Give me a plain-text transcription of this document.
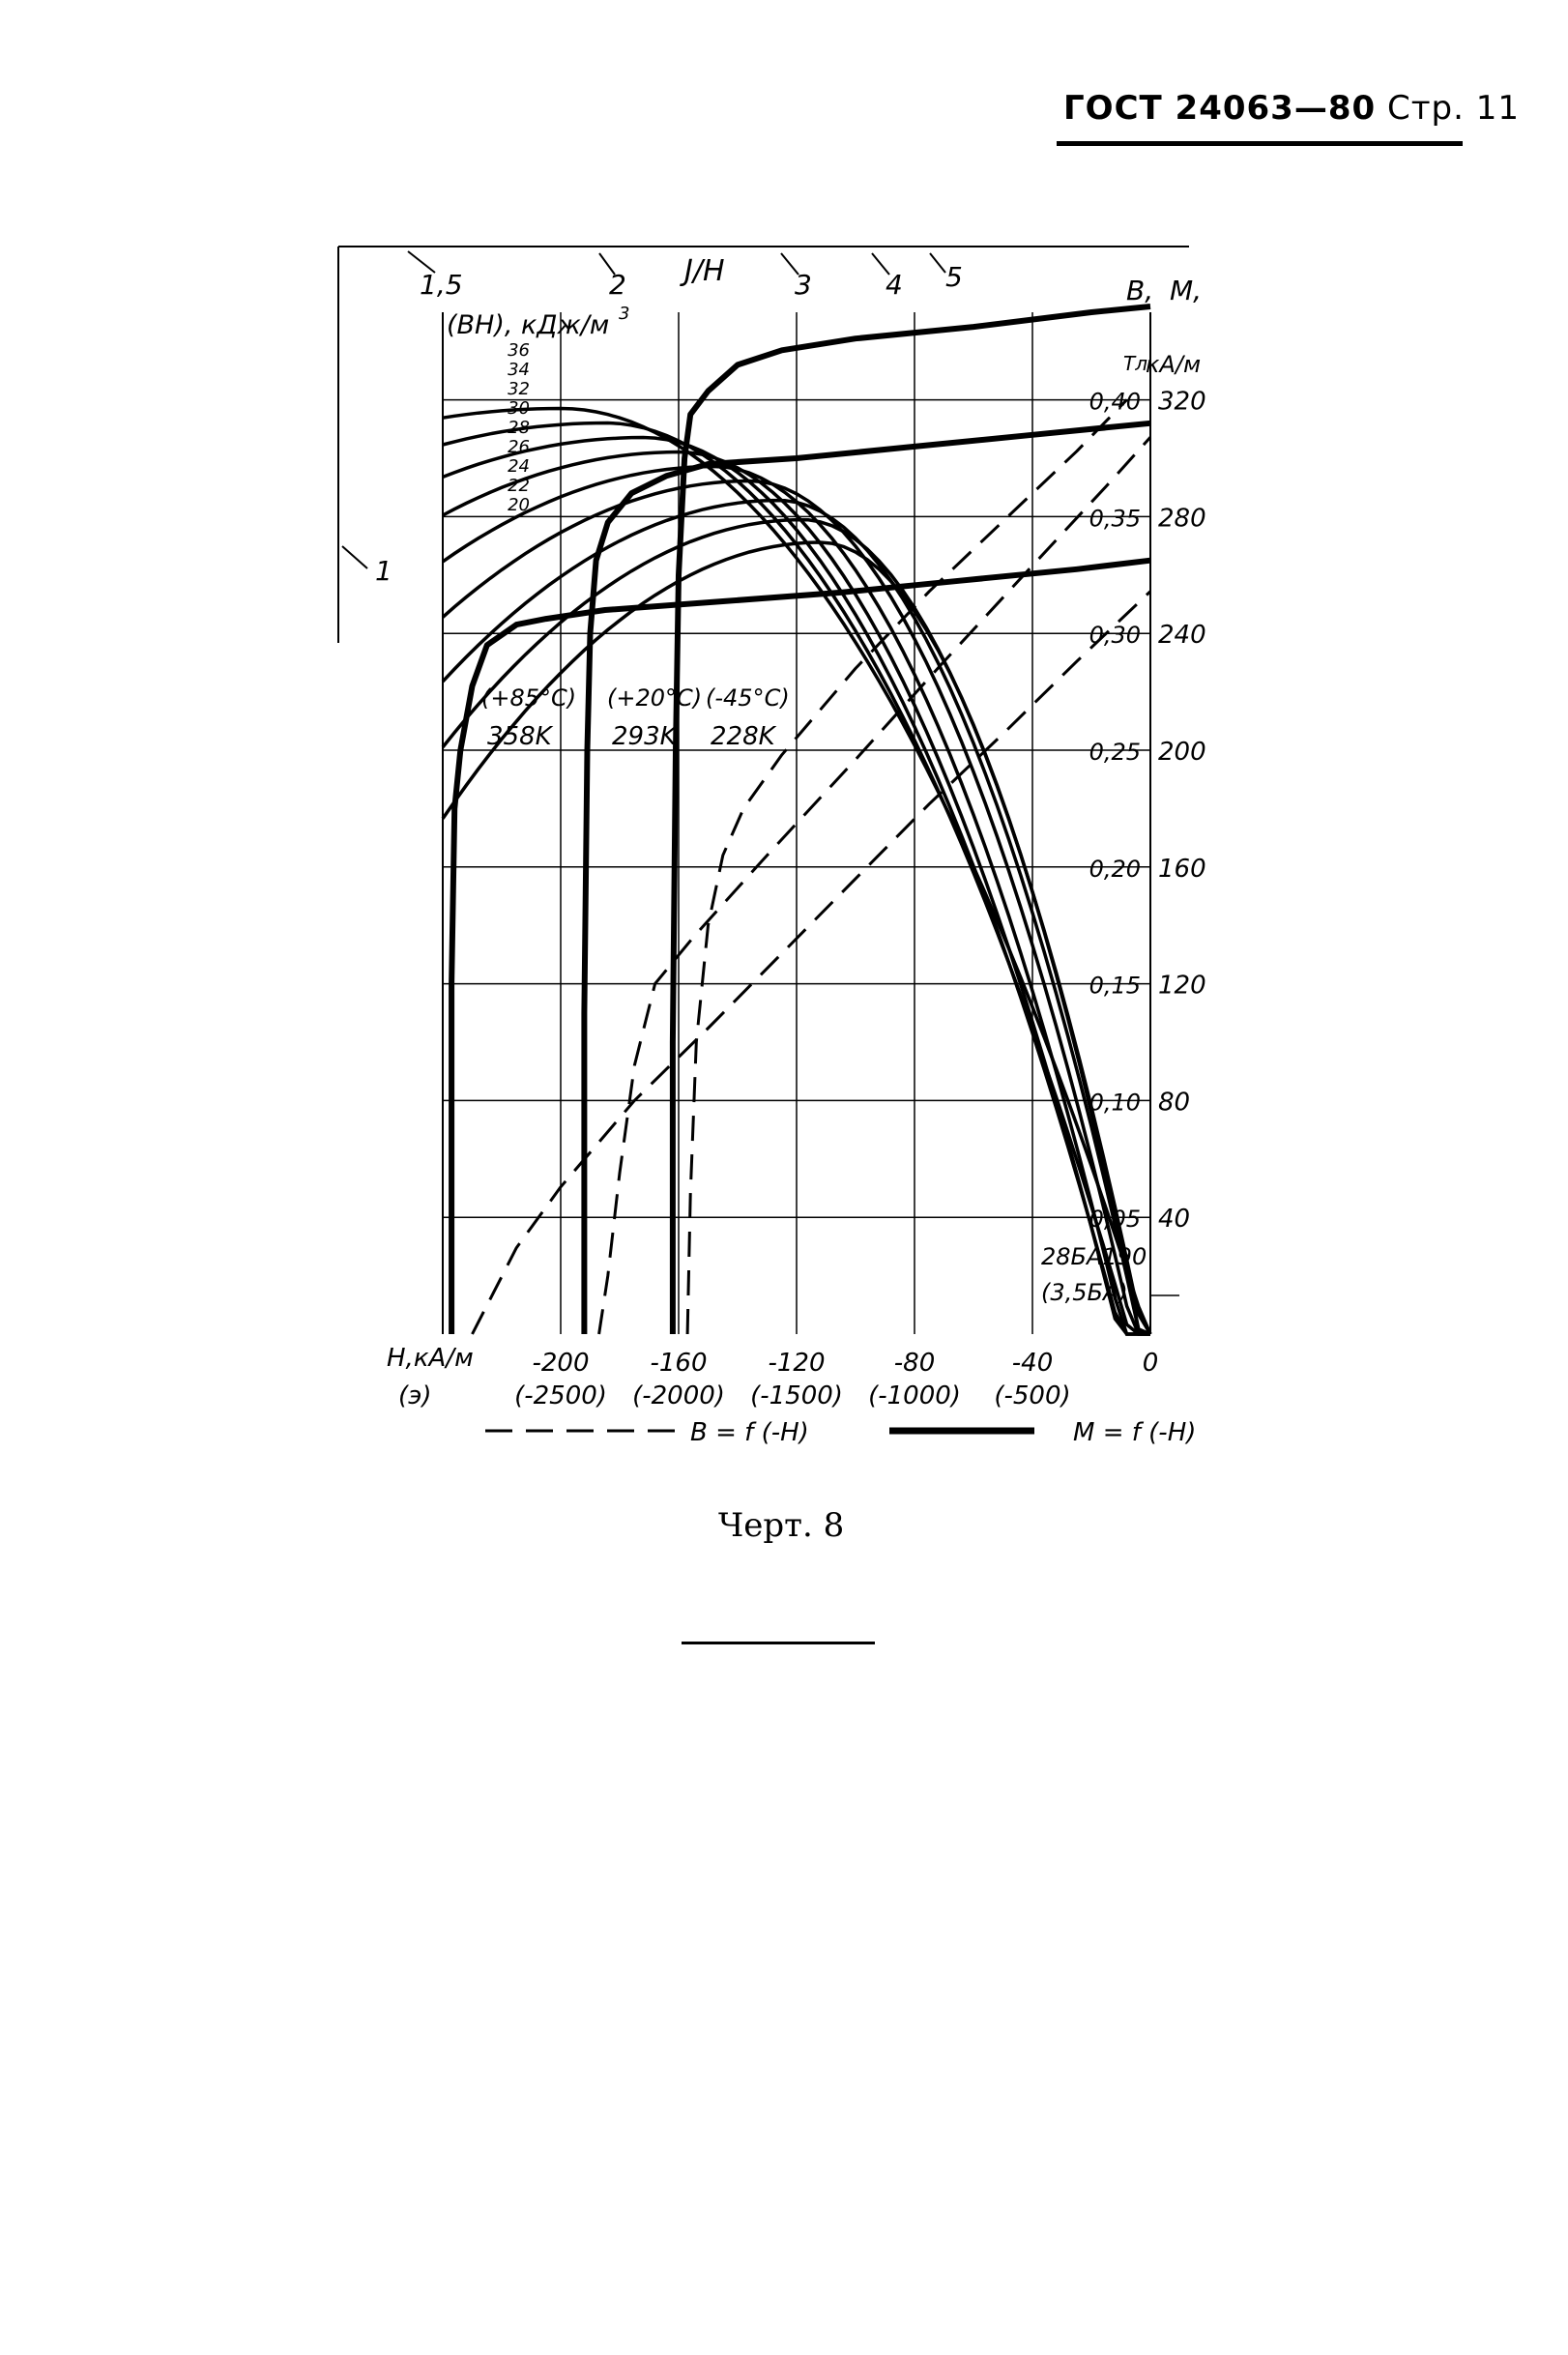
ГОСТ 24063—80 Стр. 11
J/H
(BH), кДж/м 3
B,
Тл
M,
кА/м
H,кА/м
(э)
28БА190
(3,5БА)
B = f (-H)	M = f (-H)
(+85°C)
358K
(+20°C)
293K
(-45°C)
228K
1,5	2	3	4 5
1
36
34
32
30
28
26
24
22
20
0,40 320
0,35 280
0,30 240
0,25 200
0,20 160
0,15 120
0,10 80
0,05 40
-200
(-2500)
-160
(-2000)
-120
(-1500)
-80
(-1000)
-40
(-500)
0
Черт. 8
